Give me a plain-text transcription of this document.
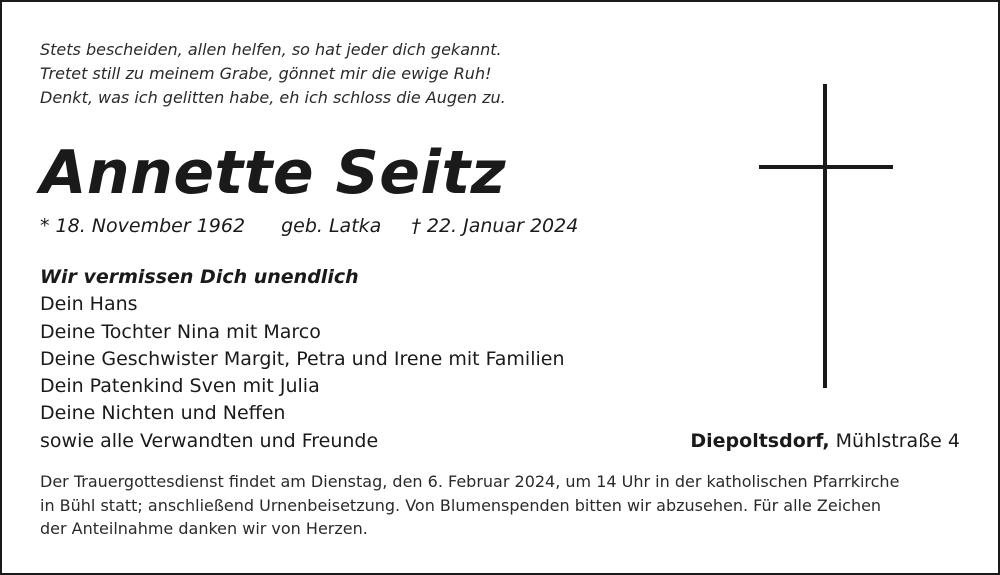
Stets bescheiden, allen helfen, so hat jeder dich gekannt.
Tretet still zu meinem Grabe, gönnet mir die ewige Ruh!
Denkt, was ich gelitten habe, eh ich schloss die Augen zu.
Annette Seitz
* 18. November 1962 geb. Latka † 22. Januar 2024
Wir vermissen Dich unendlich
Dein Hans
Deine Tochter Nina mit Marco
Deine Geschwister Margit, Petra und Irene mit Familien
Dein Patenkind Sven mit Julia
Deine Nichten und Neffen
sowie alle Verwandten und Freunde	Diepoltsdorf, Mühlstraße 4
Der Trauergottesdienst findet am Dienstag, den 6. Februar 2024, um 14 Uhr in der katholischen Pfarrkirche
in Bühl statt; anschließend Urnenbeisetzung. Von Blumenspenden bitten wir abzusehen. Für alle Zeichen
der Anteilnahme danken wir von Herzen.
